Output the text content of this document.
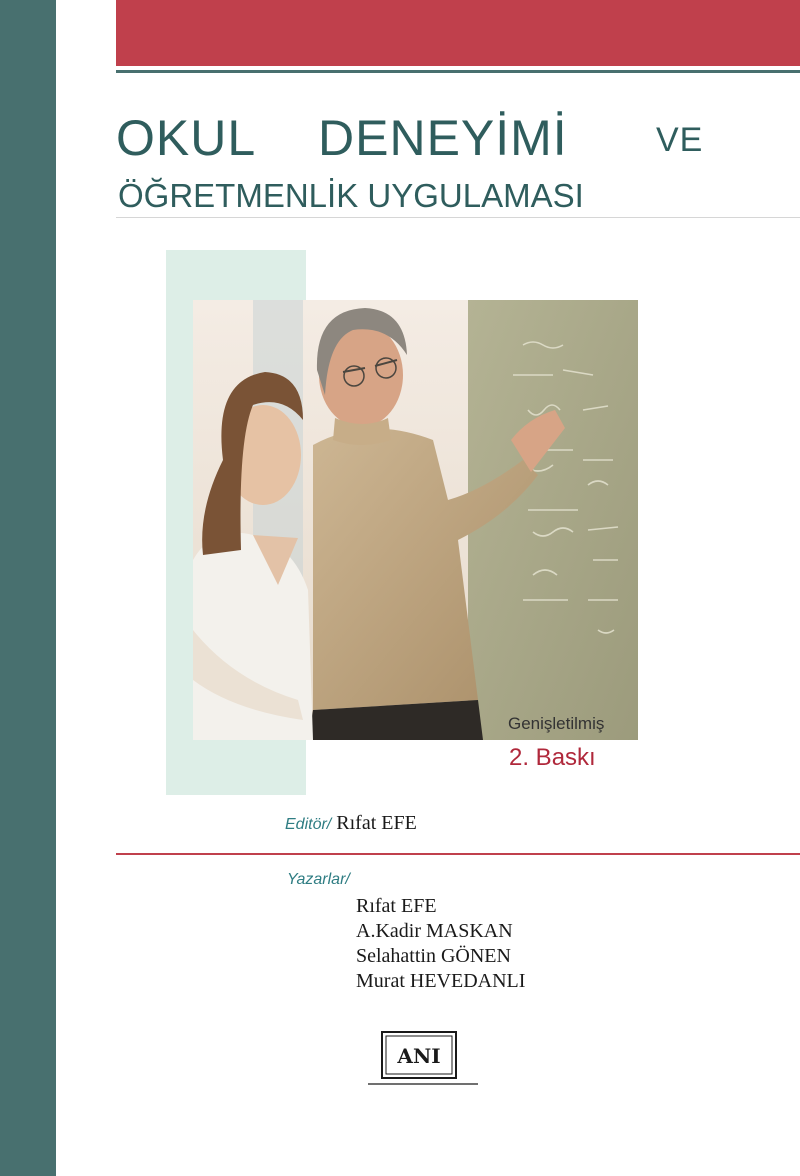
OKUL DENEYİMİ	VE
ÖĞRETMENLİK UYGULAMASI
Genişletilmiş
2. Baskı
Editör/ Rıfat EFE
Yazarlar/
Rıfat EFE
A.Kadir MASKAN
Selahattin GÖNEN
Murat HEVEDANLI
ANI
